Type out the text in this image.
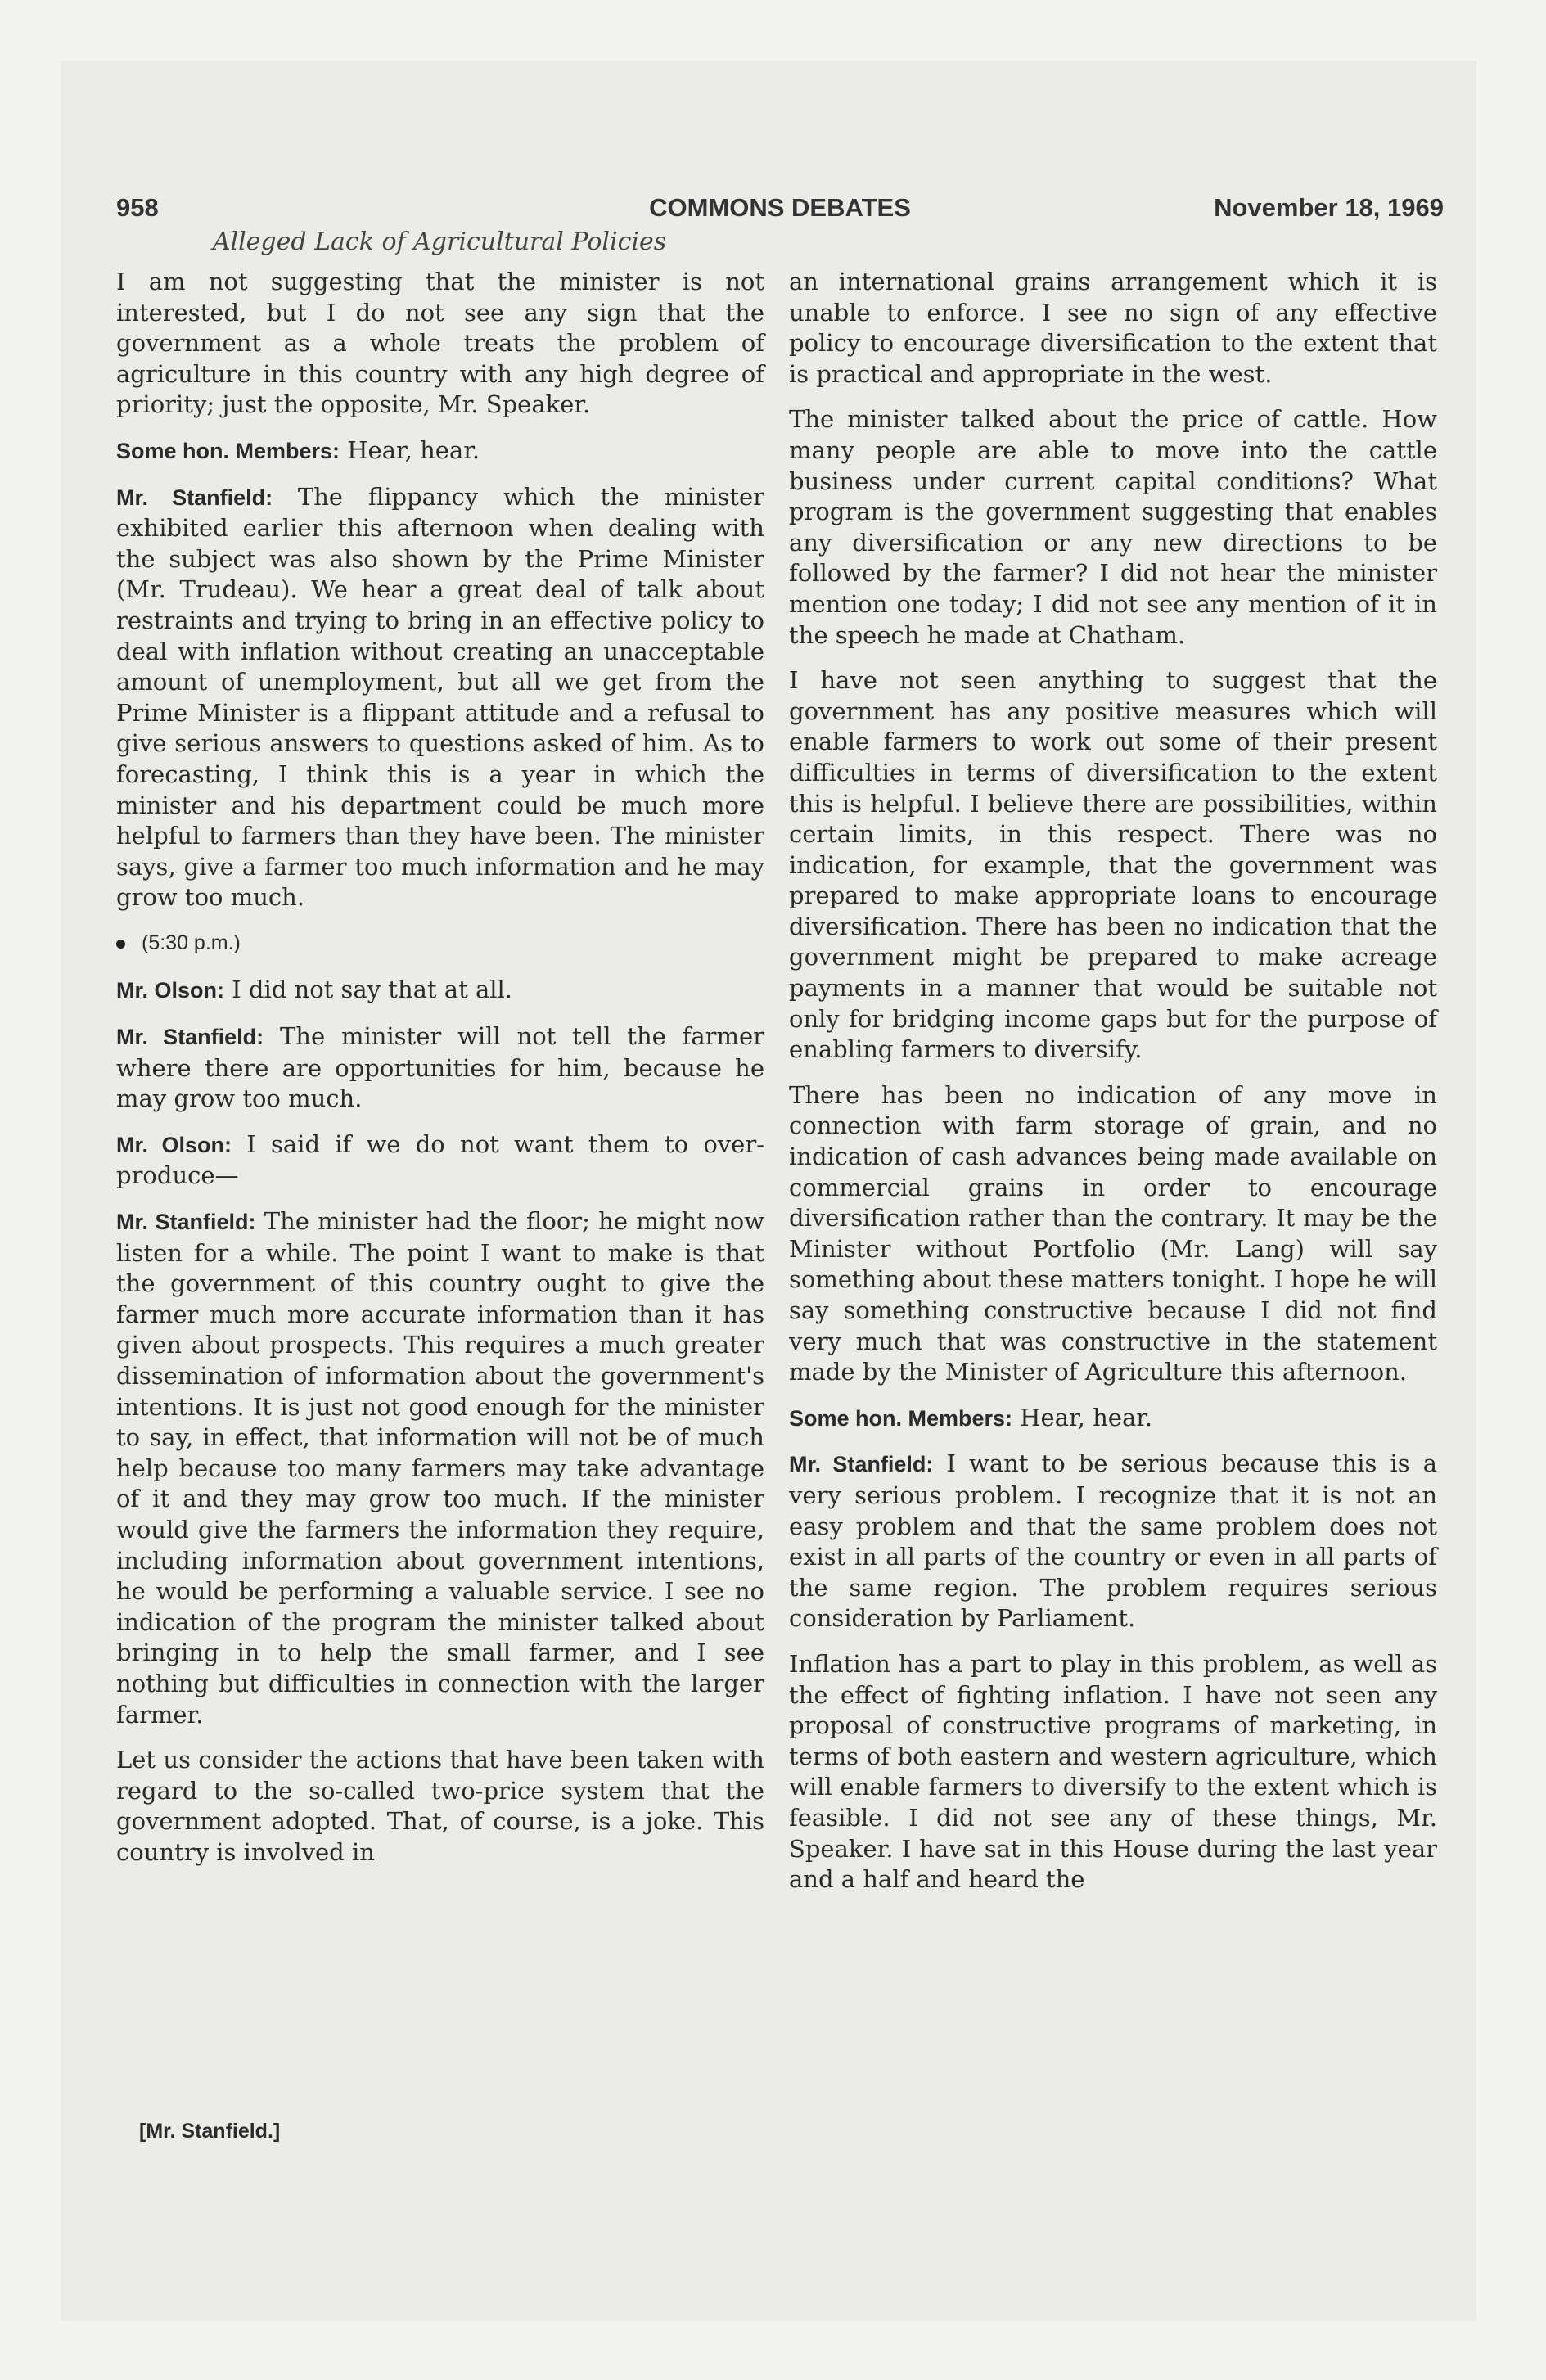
958	COMMONS DEBATES	November 18, 1969
Alleged Lack of Agricultural Policies

I am not suggesting that the minister is not interested, but I do not see any sign that the government as a whole treats the problem of agriculture in this country with any high degree of priority; just the opposite, Mr. Speaker.

Some hon. Members: Hear, hear.

Mr. Stanfield: The flippancy which the minister exhibited earlier this afternoon when dealing with the subject was also shown by the Prime Minister (Mr. Trudeau). We hear a great deal of talk about restraints and trying to bring in an effective policy to deal with inflation without creating an unacceptable amount of unemployment, but all we get from the Prime Minister is a flippant attitude and a refusal to give serious answers to questions asked of him. As to forecasting, I think this is a year in which the minister and his department could be much more helpful to farmers than they have been. The minister says, give a farmer too much information and he may grow too much.

(5:30 p.m.)

Mr. Olson: I did not say that at all.

Mr. Stanfield: The minister will not tell the farmer where there are opportunities for him, because he may grow too much.

Mr. Olson: I said if we do not want them to over-produce—

Mr. Stanfield: The minister had the floor; he might now listen for a while. The point I want to make is that the government of this country ought to give the farmer much more accurate information than it has given about prospects. This requires a much greater dissemination of information about the government's intentions. It is just not good enough for the minister to say, in effect, that information will not be of much help because too many farmers may take advantage of it and they may grow too much. If the minister would give the farmers the information they require, including information about government intentions, he would be performing a valuable service. I see no indication of the program the minister talked about bringing in to help the small farmer, and I see nothing but difficulties in connection with the larger farmer.

Let us consider the actions that have been taken with regard to the so-called two-price system that the government adopted. That, of course, is a joke. This country is involved in

an international grains arrangement which it is unable to enforce. I see no sign of any effective policy to encourage diversification to the extent that is practical and appropriate in the west.

The minister talked about the price of cattle. How many people are able to move into the cattle business under current capital conditions? What program is the government suggesting that enables any diversification or any new directions to be followed by the farmer? I did not hear the minister mention one today; I did not see any mention of it in the speech he made at Chatham.

I have not seen anything to suggest that the government has any positive measures which will enable farmers to work out some of their present difficulties in terms of diversification to the extent this is helpful. I believe there are possibilities, within certain limits, in this respect. There was no indication, for example, that the government was prepared to make appropriate loans to encourage diversification. There has been no indication that the government might be prepared to make acreage payments in a manner that would be suitable not only for bridging income gaps but for the purpose of enabling farmers to diversify.

There has been no indication of any move in connection with farm storage of grain, and no indication of cash advances being made available on commercial grains in order to encourage diversification rather than the contrary. It may be the Minister without Portfolio (Mr. Lang) will say something about these matters tonight. I hope he will say something constructive because I did not find very much that was constructive in the statement made by the Minister of Agriculture this afternoon.

Some hon. Members: Hear, hear.

Mr. Stanfield: I want to be serious because this is a very serious problem. I recognize that it is not an easy problem and that the same problem does not exist in all parts of the country or even in all parts of the same region. The problem requires serious consideration by Parliament.

Inflation has a part to play in this problem, as well as the effect of fighting inflation. I have not seen any proposal of constructive programs of marketing, in terms of both eastern and western agriculture, which will enable farmers to diversify to the extent which is feasible. I did not see any of these things, Mr. Speaker. I have sat in this House during the last year and a half and heard the

[Mr. Stanfield.]
